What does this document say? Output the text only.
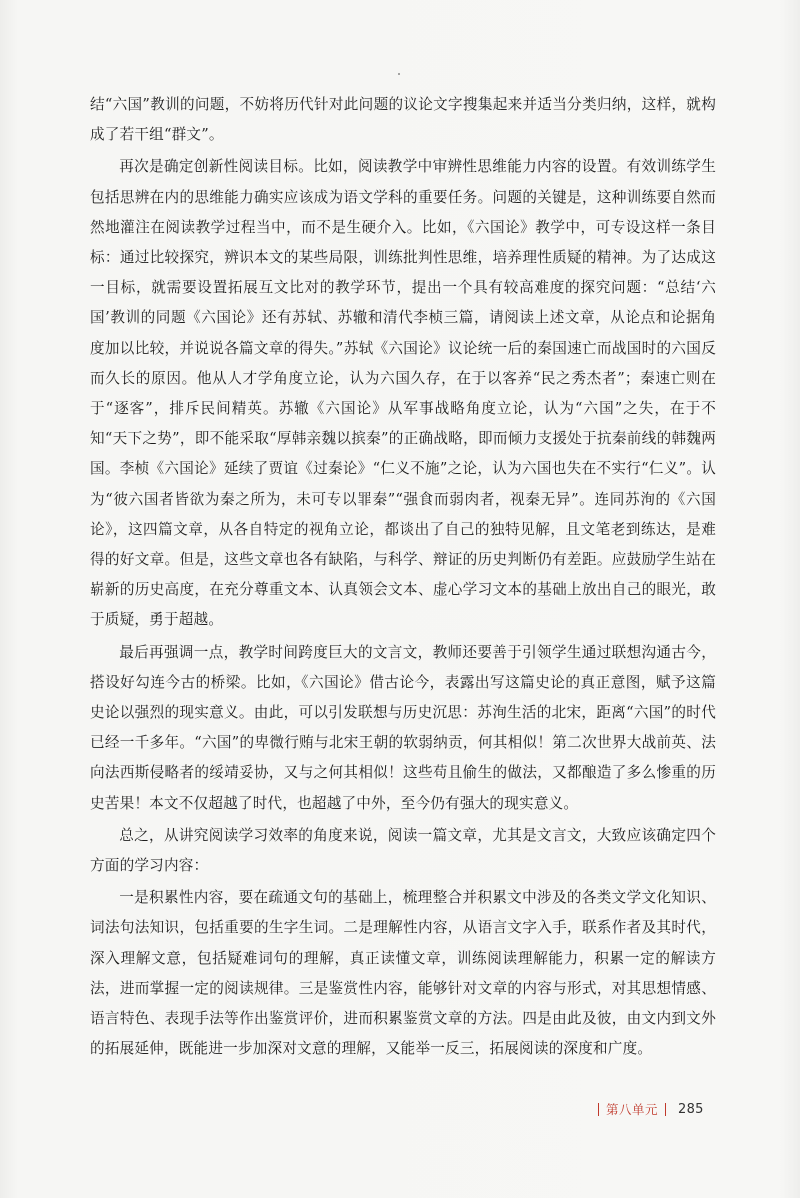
结“六国”教训的问题，不妨将历代针对此问题的议论文字搜集起来并适当分类归纳，这样，就构成了若干组“群文”。

再次是确定创新性阅读目标。比如，阅读教学中审辨性思维能力内容的设置。有效训练学生包括思辨在内的思维能力确实应该成为语文学科的重要任务。问题的关键是，这种训练要自然而然地灌注在阅读教学过程当中，而不是生硬介入。比如，《六国论》教学中，可专设这样一条目标：通过比较探究，辨识本文的某些局限，训练批判性思维，培养理性质疑的精神。为了达成这一目标，就需要设置拓展互文比对的教学环节，提出一个具有较高难度的探究问题：“总结‘六国’教训的同题《六国论》还有苏轼、苏辙和清代李桢三篇，请阅读上述文章，从论点和论据角度加以比较，并说说各篇文章的得失。”苏轼《六国论》议论统一后的秦国速亡而战国时的六国反而久长的原因。他从人才学角度立论，认为六国久存，在于以客养“民之秀杰者”；秦速亡则在于“逐客”，排斥民间精英。苏辙《六国论》从军事战略角度立论，认为“六国”之失，在于不知“天下之势”，即不能采取“厚韩亲魏以摈秦”的正确战略，即而倾力支援处于抗秦前线的韩魏两国。李桢《六国论》延续了贾谊《过秦论》“仁义不施”之论，认为六国也失在不实行“仁义”。认为“彼六国者皆欲为秦之所为，未可专以罪秦”“强食而弱肉者，视秦无异”。连同苏洵的《六国论》，这四篇文章，从各自特定的视角立论，都谈出了自己的独特见解，且文笔老到练达，是难得的好文章。但是，这些文章也各有缺陷，与科学、辩证的历史判断仍有差距。应鼓励学生站在崭新的历史高度，在充分尊重文本、认真领会文本、虚心学习文本的基础上放出自己的眼光，敢于质疑，勇于超越。

最后再强调一点，教学时间跨度巨大的文言文，教师还要善于引领学生通过联想沟通古今，搭设好勾连今古的桥梁。比如，《六国论》借古论今，表露出写这篇史论的真正意图，赋予这篇史论以强烈的现实意义。由此，可以引发联想与历史沉思：苏洵生活的北宋，距离“六国”的时代已经一千多年。“六国”的卑微行贿与北宋王朝的软弱纳贡，何其相似！第二次世界大战前英、法向法西斯侵略者的绥靖妥协，又与之何其相似！这些苟且偷生的做法，又都酿造了多么惨重的历史苦果！本文不仅超越了时代，也超越了中外，至今仍有强大的现实意义。

总之，从讲究阅读学习效率的角度来说，阅读一篇文章，尤其是文言文，大致应该确定四个方面的学习内容：

一是积累性内容，要在疏通文句的基础上，梳理整合并积累文中涉及的各类文学文化知识、词法句法知识，包括重要的生字生词。二是理解性内容，从语言文字入手，联系作者及其时代，深入理解文意，包括疑难词句的理解，真正读懂文章，训练阅读理解能力，积累一定的解读方法，进而掌握一定的阅读规律。三是鉴赏性内容，能够针对文章的内容与形式，对其思想情感、语言特色、表现手法等作出鉴赏评价，进而积累鉴赏文章的方法。四是由此及彼，由文内到文外的拓展延伸，既能进一步加深对文意的理解，又能举一反三，拓展阅读的深度和广度。

第八单元 285
